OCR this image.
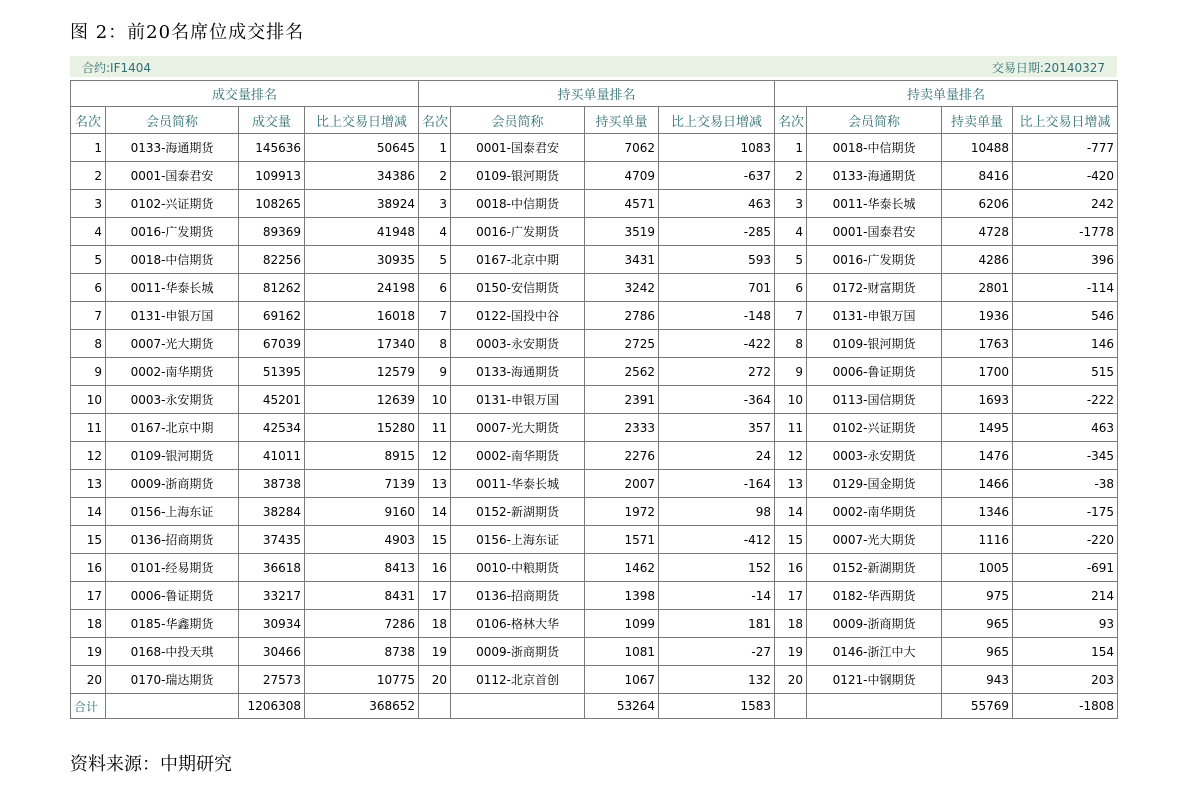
图 2：前20名席位成交排名
合约:IF1404	交易日期:20140327
成交量排名				持买单量排名				持卖单量排名			
名次	会员简称	成交量	比上交易日增减	名次	会员简称	持买单量	比上交易日增减	名次	会员简称	持卖单量	比上交易日增减
1	0133-海通期货	145636	50645	1	0001-国泰君安	7062	1083	1	0018-中信期货	10488	-777
2	0001-国泰君安	109913	34386	2	0109-银河期货	4709	-637	2	0133-海通期货	8416	-420
3	0102-兴证期货	108265	38924	3	0018-中信期货	4571	463	3	0011-华泰长城	6206	242
4	0016-广发期货	89369	41948	4	0016-广发期货	3519	-285	4	0001-国泰君安	4728	-1778
5	0018-中信期货	82256	30935	5	0167-北京中期	3431	593	5	0016-广发期货	4286	396
6	0011-华泰长城	81262	24198	6	0150-安信期货	3242	701	6	0172-财富期货	2801	-114
7	0131-申银万国	69162	16018	7	0122-国投中谷	2786	-148	7	0131-申银万国	1936	546
8	0007-光大期货	67039	17340	8	0003-永安期货	2725	-422	8	0109-银河期货	1763	146
9	0002-南华期货	51395	12579	9	0133-海通期货	2562	272	9	0006-鲁证期货	1700	515
10	0003-永安期货	45201	12639	10	0131-申银万国	2391	-364	10	0113-国信期货	1693	-222
11	0167-北京中期	42534	15280	11	0007-光大期货	2333	357	11	0102-兴证期货	1495	463
12	0109-银河期货	41011	8915	12	0002-南华期货	2276	24	12	0003-永安期货	1476	-345
13	0009-浙商期货	38738	7139	13	0011-华泰长城	2007	-164	13	0129-国金期货	1466	-38
14	0156-上海东证	38284	9160	14	0152-新湖期货	1972	98	14	0002-南华期货	1346	-175
15	0136-招商期货	37435	4903	15	0156-上海东证	1571	-412	15	0007-光大期货	1116	-220
16	0101-经易期货	36618	8413	16	0010-中粮期货	1462	152	16	0152-新湖期货	1005	-691
17	0006-鲁证期货	33217	8431	17	0136-招商期货	1398	-14	17	0182-华西期货	975	214
18	0185-华鑫期货	30934	7286	18	0106-格林大华	1099	181	18	0009-浙商期货	965	93
19	0168-中投天琪	30466	8738	19	0009-浙商期货	1081	-27	19	0146-浙江中大	965	154
20	0170-瑞达期货	27573	10775	20	0112-北京首创	1067	132	20	0121-中钢期货	943	203
合计		1206308	368652			53264	1583			55769	-1808
资料来源：中期研究
